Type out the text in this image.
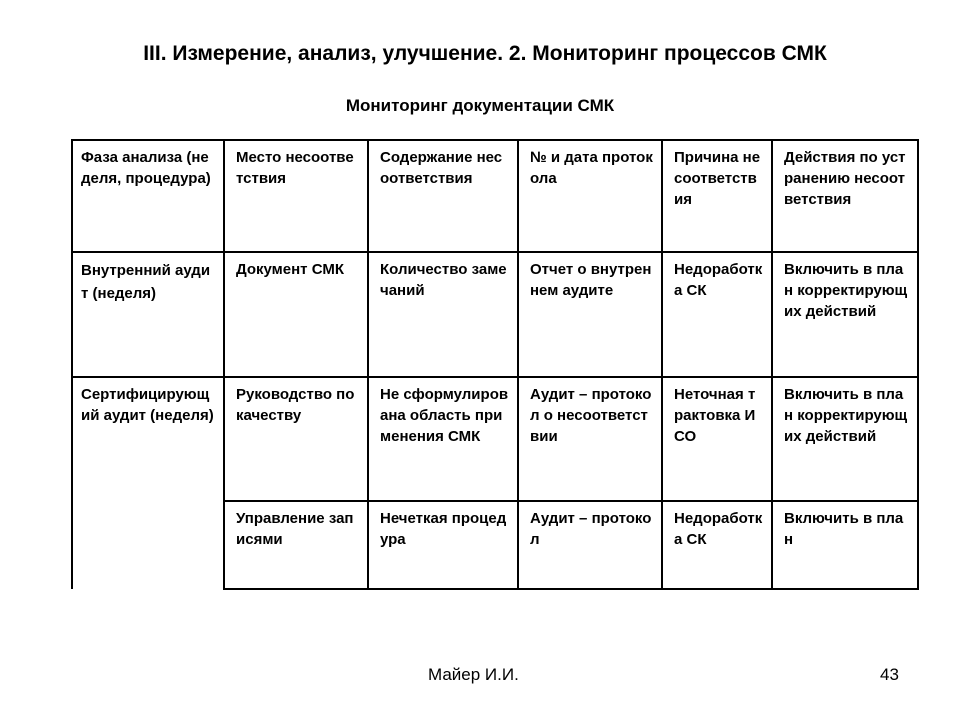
III. Измерение, анализ, улучшение. 2. Мониторинг процессов СМК
Мониторинг документации СМК
Фаза анализа (неделя, процедура)	Место несоответствия	Содержание несоответствия	№ и дата протокола	Причина несоответствия	Действия по устранению несоответствия
Внутренний аудит (неделя)	Документ СМК	Количество замечаний	Отчет о внутреннем аудите	Недоработка СК	Включить в план корректирующих действий
Сертифицирующий аудит (неделя)	Руководство по качеству	Не сформулирована область применения СМК	Аудит – протокол о несоответствии	Неточная трактовка ИСО	Включить в план корректирующих действий
	Управление записями	Нечеткая процедура	Аудит – протокол	Недоработка СК	Включить в план
Майер И.И.	43
